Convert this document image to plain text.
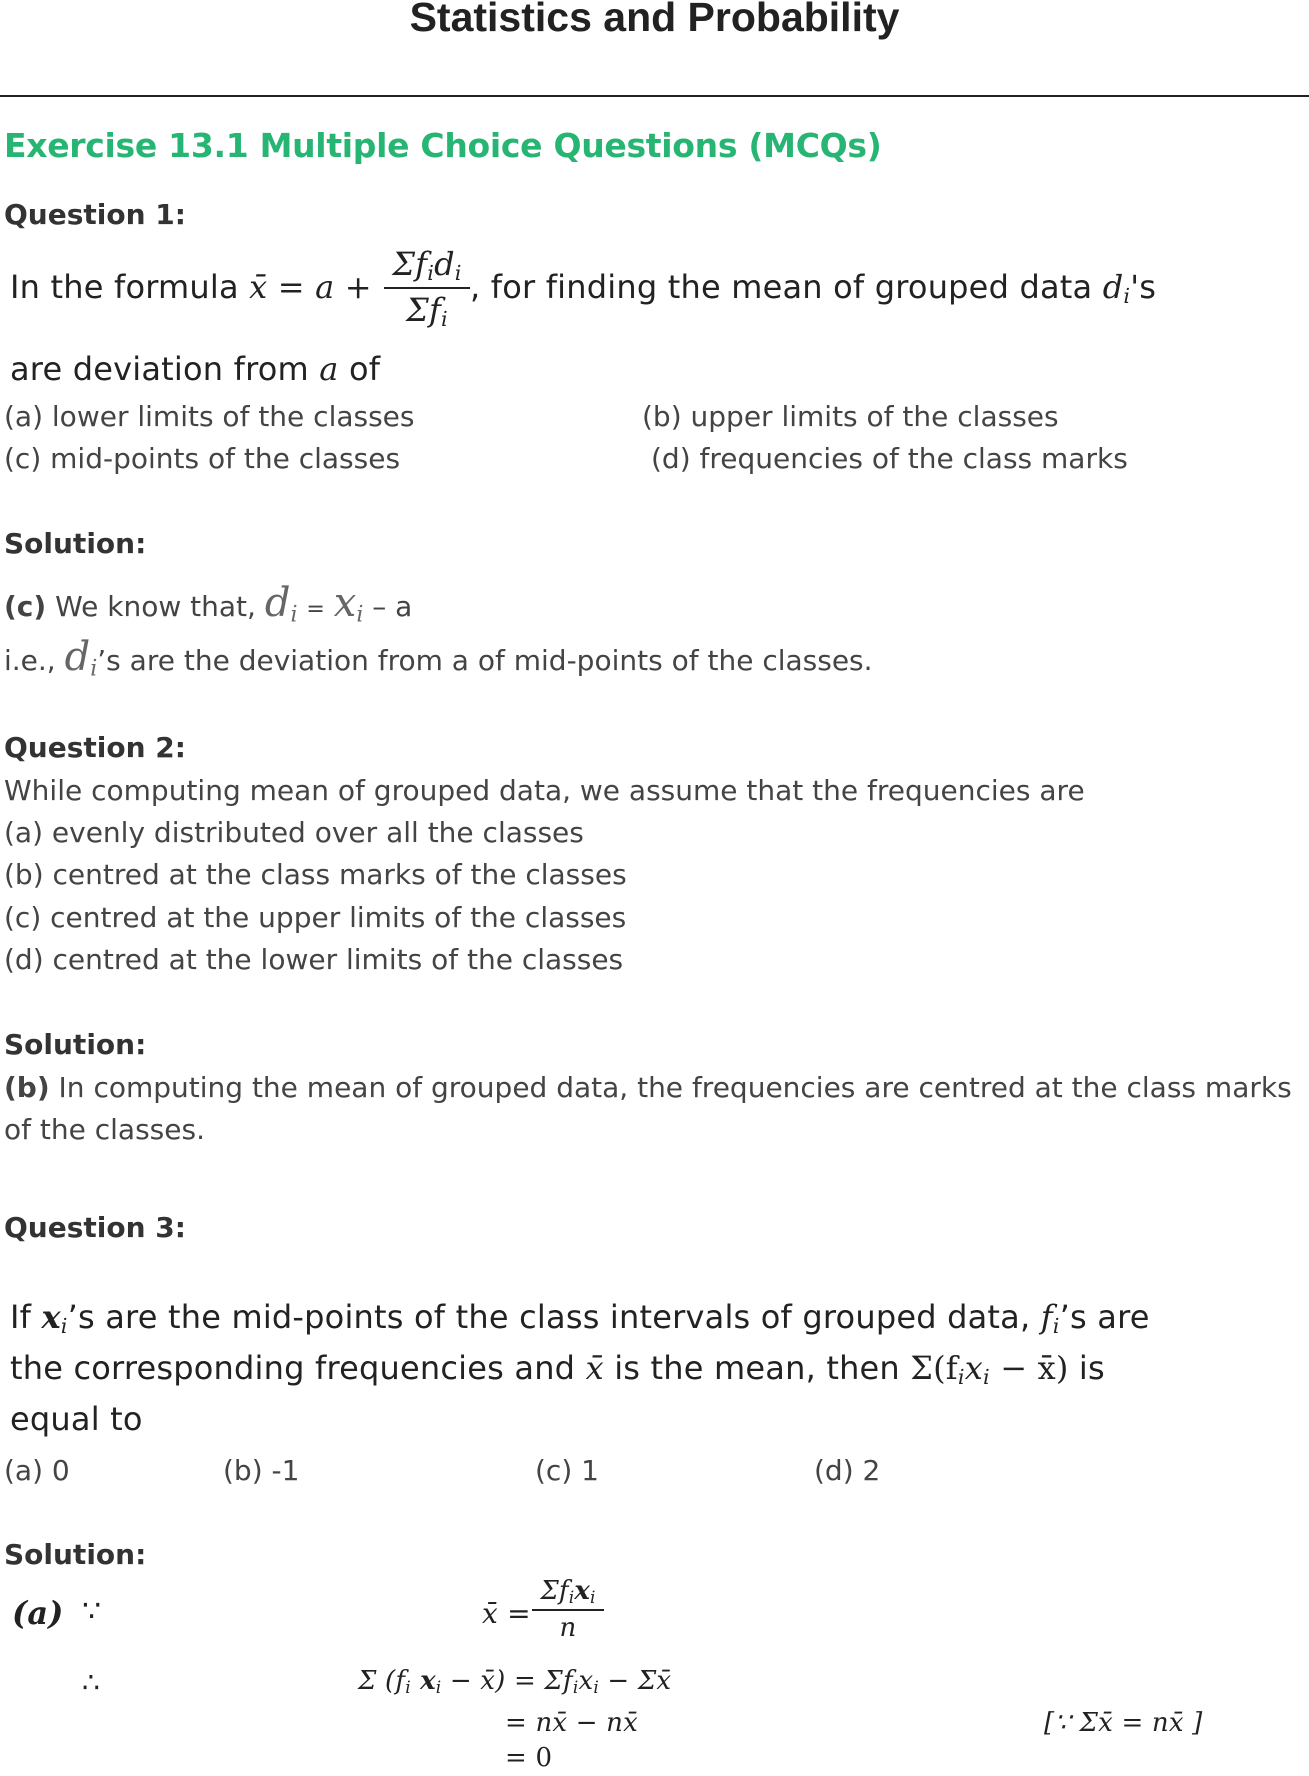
Statistics and Probability
Exercise 13.1 Multiple Choice Questions (MCQs)
Question 1:
In the formula x̄ = a +
$\Sigma f_id_i$
$\Sigma f_i$
, for finding the mean of grouped data $d_i's$
are deviation from a of
(a) lower limits of the classes	(b) upper limits of the classes
(c) mid-points of the classes	(d) frequencies of the class marks
Solution:
(c) We know that, $d_i = x_i - a$
i.e., $d_i’s$ are the deviation from a of mid-points of the classes.
Question 2:
While computing mean of grouped data, we assume that the frequencies are
(a) evenly distributed over all the classes
(b) centred at the class marks of the classes
(c) centred at the upper limits of the classes
(d) centred at the lower limits of the classes
Solution:
(b) In computing the mean of grouped data, the frequencies are centred at the class marks
of the classes.
Question 3:
If $x_i’s$ are the mid-points of the class intervals of grouped data, $f_i’s$ are
the corresponding frequencies and x̄ is the mean, then $\Sigma(f_ix_i$ − x̄) is
equal to
(a) 0	(b) -1	(c) 1	(d) 2
Solution:
(a) ∵	x̄ =
$\Sigma f_ix_i$
n
∴	Σ ($f_i$ $x_i$ − x̄) = $\Sigma f_ix_i$ − Σx̄
= nx̄ − nx̄	[∵ Σx̄ = nx̄ ]
= 0
